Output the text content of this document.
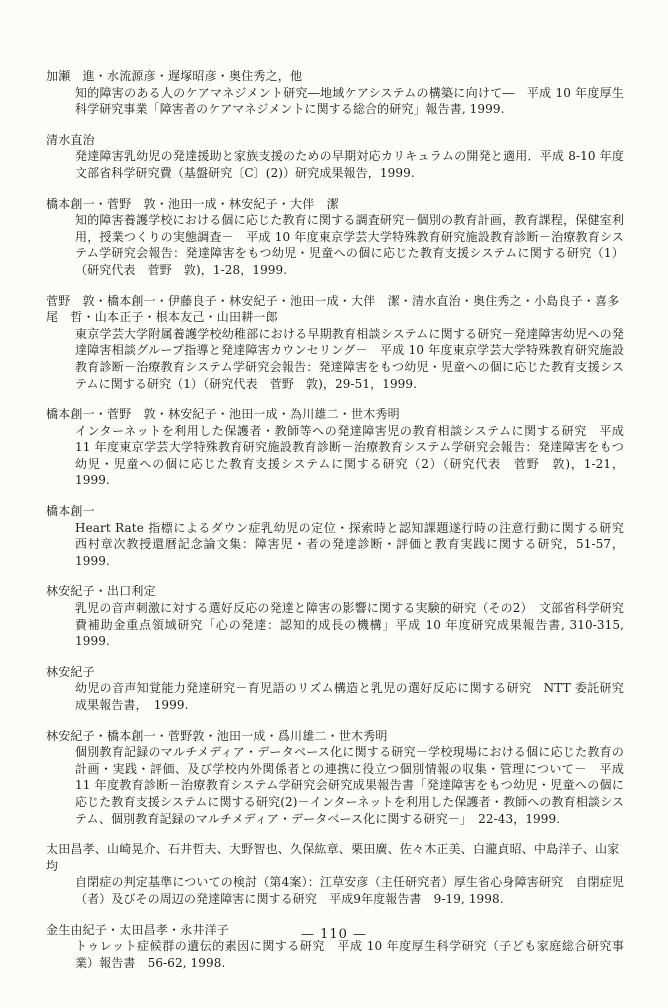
加瀬　進・水流源彦・遅塚昭彦・奥住秀之，他
知的障害のある人のケアマネジメント研究―地域ケアシステムの構築に向けて―　平成 10 年度厚生科学研究事業「障害者のケアマネジメントに関する総合的研究」報告書, 1999.
清水直治
発達障害乳幼児の発達援助と家族支援のための早期対応カリキュラムの開発と適用．平成 8-10 年度文部省科学研究費（基盤研究〔C〕(2)）研究成果報告，1999.
橋本創一・菅野　敦・池田一成・林安紀子・大伴　潔
知的障害養護学校における個に応じた教育に関する調査研究－個別の教育計画，教育課程，保健室利用，授業つくりの実態調査－　平成 10 年度東京学芸大学特殊教育研究施設教育診断－治療教育システム学研究会報告：発達障害をもつ幼児・児童への個に応じた教育支援システムに関する研究（1）（研究代表　菅野　敦)，1-28，1999.
菅野　敦・橋本創一・伊藤良子・林安紀子・池田一成・大伴　潔・清水直治・奥住秀之・小島良子・喜多尾　哲・山本正子・根本友己・山田耕一郎
東京学芸大学附属養護学校幼稚部における早期教育相談システムに関する研究－発達障害幼児への発達障害相談グループ指導と発達障害カウンセリング－　平成 10 年度東京学芸大学特殊教育研究施設教育診断－治療教育システム学研究会報告：発達障害をもつ幼児・児童への個に応じた教育支援システムに関する研究（1）（研究代表　菅野　敦)，29-51，1999.
橋本創一・菅野　敦・林安紀子・池田一成・為川雄二・世木秀明
インターネットを利用した保護者・教師等への発達障害児の教育相談システムに関する研究　平成 11 年度東京学芸大学特殊教育研究施設教育診断－治療教育システム学研究会報告：発達障害をもつ幼児・児童への個に応じた教育支援システムに関する研究（2）（研究代表　菅野　敦)，1-21，1999.
橋本創一
Heart Rate 指標によるダウン症乳幼児の定位・探索時と認知課題遂行時の注意行動に関する研究　西村章次教授還暦記念論文集：障害児・者の発達診断・評価と教育実践に関する研究，51-57，1999.
林安紀子・出口利定
乳児の音声刺激に対する選好反応の発達と障害の影響に関する実験的研究（その2）　文部省科学研究費補助金重点領域研究「心の発達：認知的成長の機構」平成 10 年度研究成果報告書, 310-315, 1999.
林安紀子
幼児の音声知覚能力発達研究－育児語のリズム構造と乳児の選好反応に関する研究　NTT 委託研究成果報告書，　1999.
林安紀子・橋本創一・菅野敦・池田一成・爲川雄二・世木秀明
個別教育記録のマルチメディア・データベース化に関する研究－学校現場における個に応じた教育の計画・実践・評価、及び学校内外関係者との連携に役立つ個別情報の収集・管理について－　平成 11 年度教育診断－治療教育システム学研究会研究成果報告書「発達障害をもつ幼児・児童への個に応じた教育支援システムに関する研究(2)－インターネットを利用した保護者・教師への教育相談システム、個別教育記録のマルチメディア・データベース化に関する研究－」　22-43，1999.
太田昌孝、山崎晃介、石井哲夫、大野智也、久保紘章、栗田廣、佐々木正美、白瀧貞昭、中島洋子、山家　均
自閉症の判定基準についての検討（第4案）：江草安彦（主任研究者）厚生省心身障害研究　自閉症児（者）及びその周辺の発達障害に関する研究　平成9年度報告書　9-19, 1998.
金生由紀子・太田昌孝・永井洋子
トゥレット症候群の遺伝的素因に関する研究　平成 10 年度厚生科学研究（子ども家庭総合研究事業）報告書　56-62, 1998.
— 110 —
